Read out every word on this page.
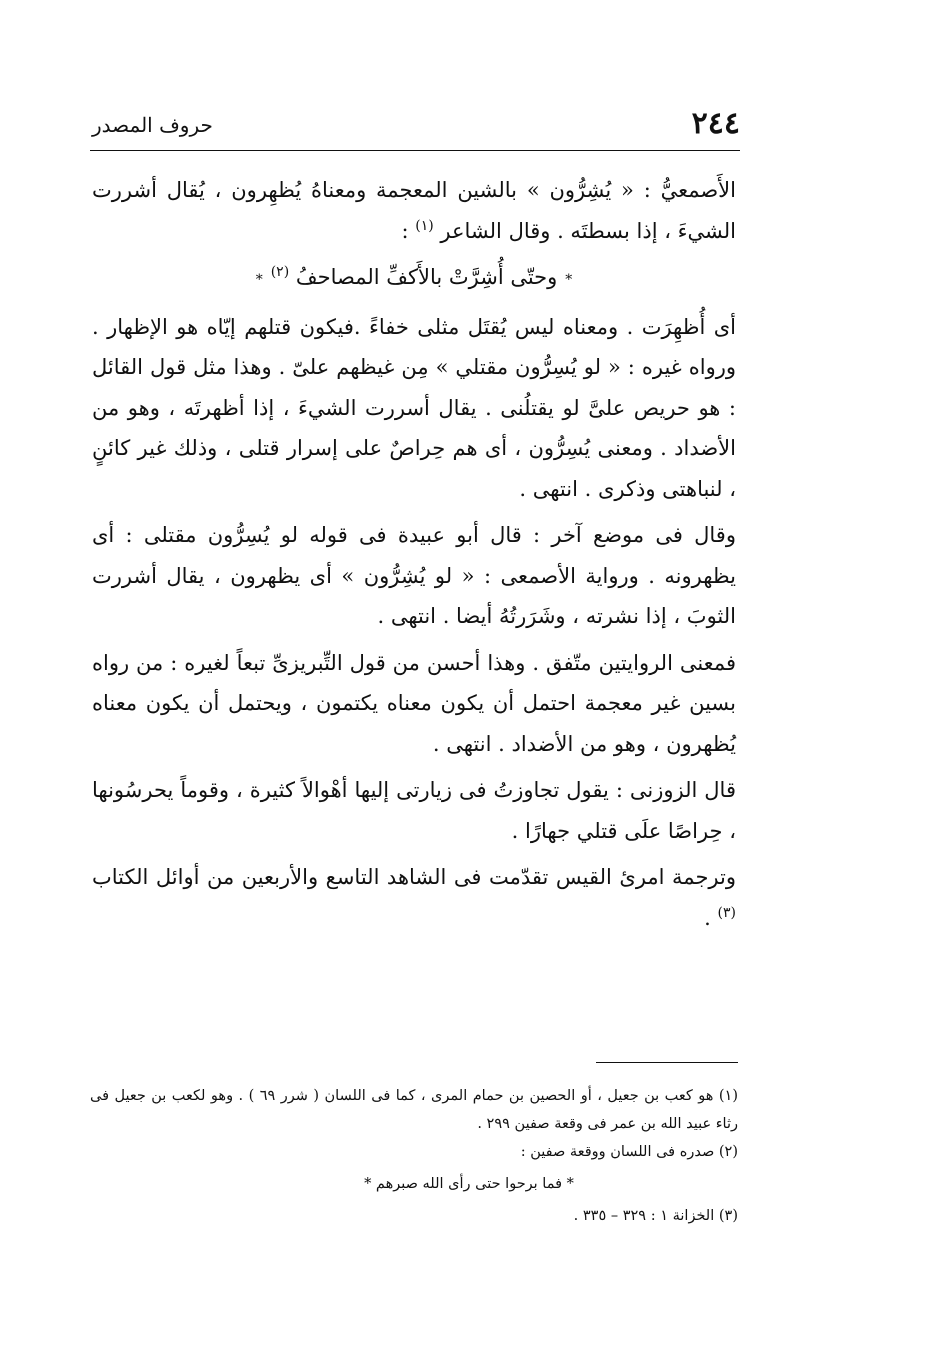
٢٤٤
حروف المصدر

الأَصمعيُّ : « يُشِرُّون » بالشين المعجمة ومعناهُ يُظهِرون ، يُقال أشررت الشيءَ ، إذا بسطتَه . وقال الشاعر $^{(١)}$ :

*وحتّى أُشِرَّتْ بالأَكفِّ المصاحفُ $^{(٢)}$*

أى أُظهِرَت . ومعناه ليس يُقتَل مثلى خفاءً .فيكون قتلهم إيّاه هو الإظهار . ورواه غيره : « لو يُسِرُّون مقتلي » مِن غيظهم علىّ . وهذا مثل قول القائل : هو حريص علىَّ لو يقتلُنى . يقال أسررت الشيءَ ، إذا أظهرتَه ، وهو من الأضداد . ومعنى يُسِرُّون ، أى هم حِراصٌ على إسرار قتلى ، وذلك غير كائنٍ ، لنباهتى وذكرى . انتهى .

وقال فى موضع آخر : قال أبو عبيدة فى قوله لو يُسِرُّون مقتلى : أى يظهرونه . ورواية الأصمعى : « لو يُشِرُّون » أى يظهرون ، يقال أشررت الثوبَ ، إذا نشرته ، وشَرَرتُهُ أيضا . انتهى .

فمعنى الروايتين متّفق . وهذا أحسن من قول التِّبريزىِّ تبعاً لغيره : من رواه بسين غير معجمة احتمل أن يكون معناه يكتمون ، ويحتمل أن يكون معناه يُظهرون ، وهو من الأضداد . انتهى .

قال الزوزنى : يقول تجاوزتُ فى زيارتى إليها أهْوالاً كثيرة ، وقوماً يحرسُونها ، حِراصًا علَى قتلي جهارًا .

وترجمة امرئ القيس تقدّمت فى الشاهد التاسع والأربعين من أوائل الكتاب $^{(٣)}$ .

(١) هو كعب بن جعيل ، أو الحصين بن حمام المرى ، كما فى اللسان ( شرر ٦٩ ) . وهو لكعب بن جعيل فى رثاء عبيد الله بن عمر فى وقعة صفين ٢٩٩ .

(٢) صدره فى اللسان ووقعة صفين :

* فما برحوا حتى رأى الله صبرهم *

(٣) الخزانة ١ : ٣٢٩ – ٣٣٥ .
